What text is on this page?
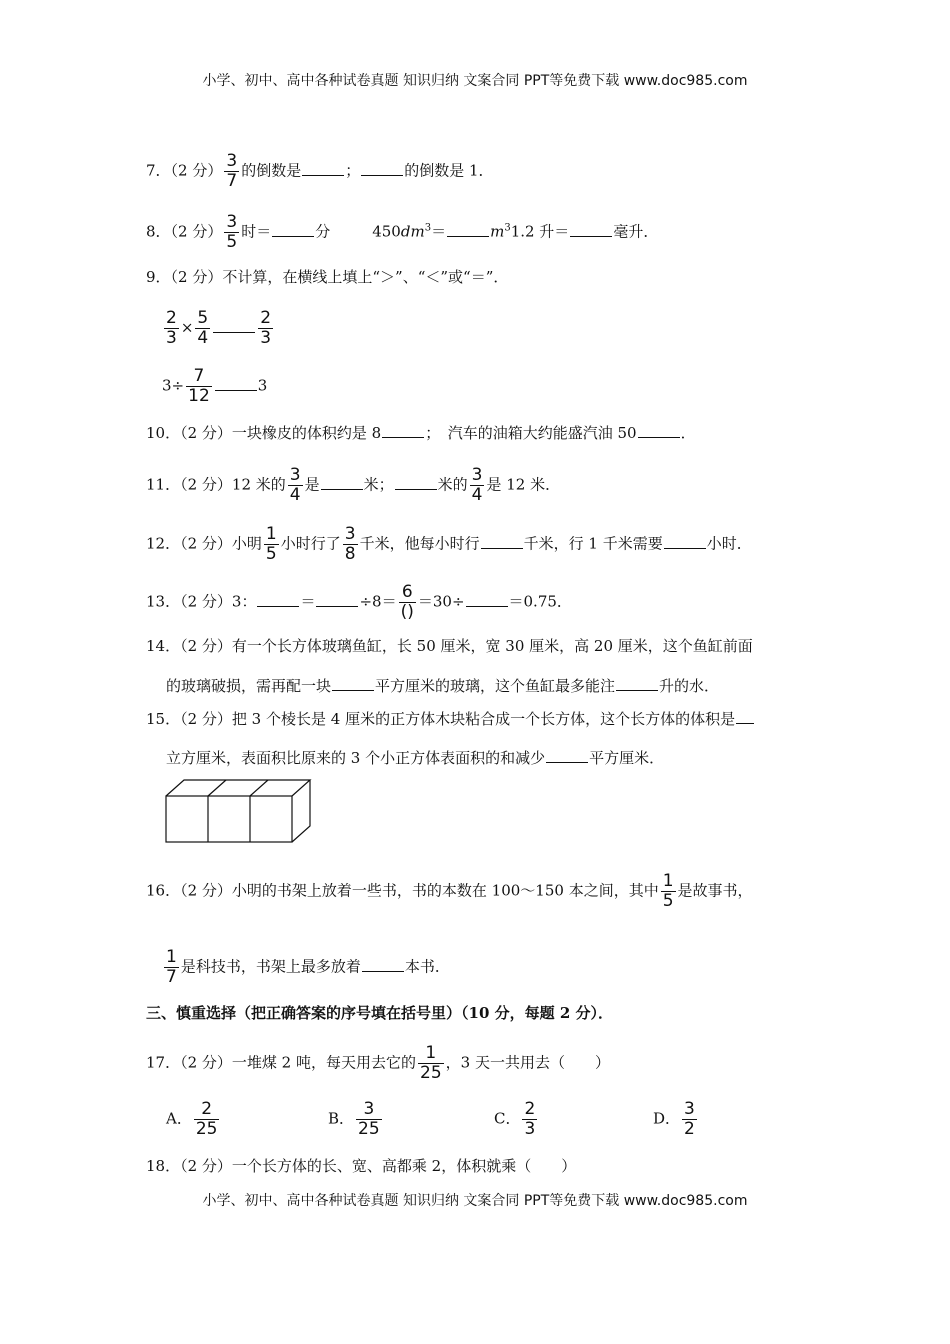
小学、初中、高中各种试卷真题 知识归纳 文案合同 PPT等免费下载 www.doc985.com
7．（2 分） $\frac{3}{7}$ 的倒数是	；	的倒数是 1．
8．（2 分） $\frac{3}{5}$ 时＝	分	$450dm^3=$	$m^31.2$ 升＝	毫升．
9．（2 分）不计算，在横线上填上“＞”、“＜”或“＝”．
$\frac{2}{3} \times \frac{5}{4}$	$\frac{2}{3}$
$3\div \frac{7}{12}$	3
10．（2 分）一块橡皮的体积约是 8	；　汽车的油箱大约能盛汽油 50	．
11．（2 分）12 米的 $\frac{3}{4}$ 是	米；	米的 $\frac{3}{4}$ 是 12 米．
12．（2 分）小明 $\frac{1}{5}$ 小时行了 $\frac{3}{8}$ 千米，他每小时行	千米，行 1 千米需要	小时．
13．（2 分）3：	＝	÷8＝ 6
()
＝30÷	＝0.75．
14．（2 分）有一个长方体玻璃鱼缸，长 50 厘米，宽 30 厘米，高 20 厘米，这个鱼缸前面
的玻璃破损，需再配一块	平方厘米的玻璃，这个鱼缸最多能注	升的水．
15．（2 分）把 3 个棱长是 4 厘米的正方体木块粘合成一个长方体，这个长方体的体积是
立方厘米，表面积比原来的 3 个小正方体表面积的和减少	平方厘米．
16．（2 分）小明的书架上放着一些书，书的本数在 100～150 本之间，其中 $\frac{1}{5}$ 是故事书，
$\frac{1}{7}$ 是科技书，书架上最多放着	本书．
三、慎重选择（把正确答案的序号填在括号里）（10 分，每题 2 分）．
17．（2 分）一堆煤 2 吨，每天用去它的 $\frac{1}{25}$ ，3 天一共用去（　　）
A． $\frac{2}{25}$	B． $\frac{3}{25}$	C． $\frac{2}{3}$	D． $\frac{3}{2}$
18．（2 分）一个长方体的长、宽、高都乘 2，体积就乘（　　）
小学、初中、高中各种试卷真题 知识归纳 文案合同 PPT等免费下载 www.doc985.com
